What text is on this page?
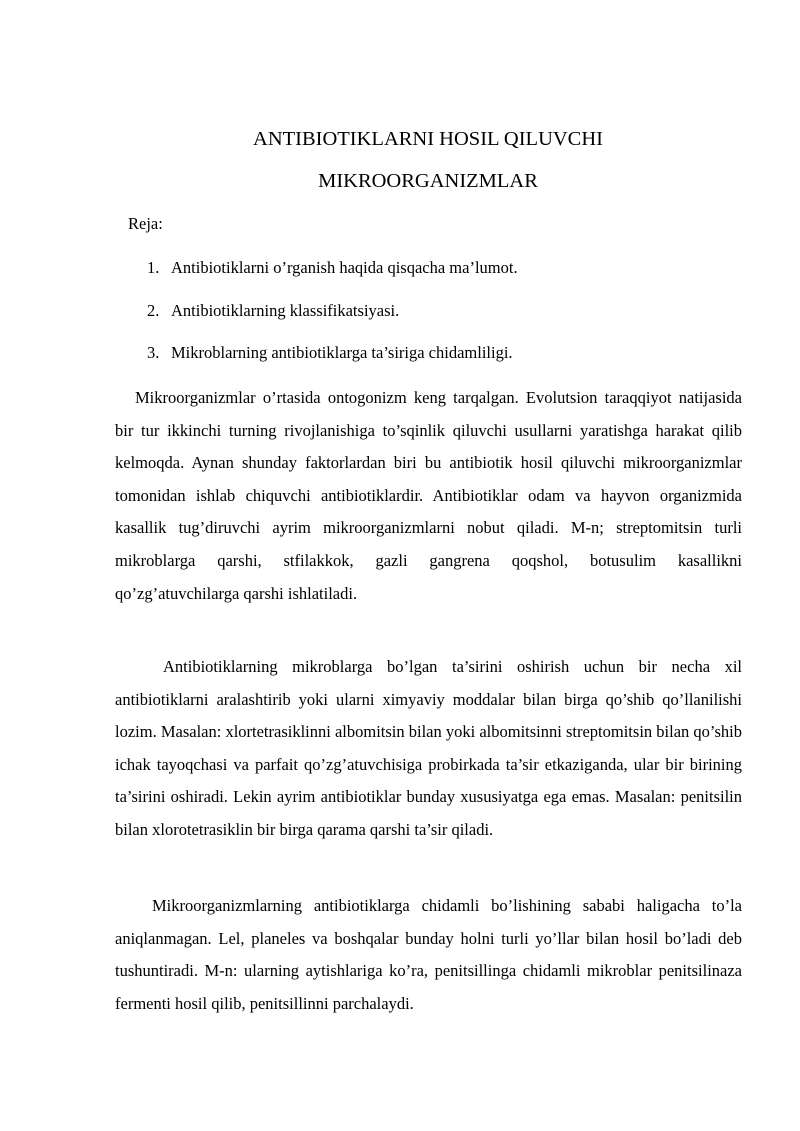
ANTIBIOTIKLARNI HOSIL QILUVCHI
MIKROORGANIZMLAR

Reja:

1. Antibiotiklarni o’rganish haqida qisqacha ma’lumot.
2. Antibiotiklarning klassifikatsiyasi.
3. Mikroblarning antibiotiklarga ta’siriga chidamliligi.

Mikroorganizmlar o’rtasida ontogonizm keng tarqalgan. Evolutsion taraqqiyot natijasida bir tur ikkinchi turning rivojlanishiga to’sqinlik qiluvchi usullarni yaratishga harakat qilib kelmoqda. Aynan shunday faktorlardan biri bu antibiotik hosil qiluvchi mikroorganizmlar tomonidan ishlab chiquvchi antibiotiklardir. Antibiotiklar odam va hayvon organizmida kasallik tug’diruvchi ayrim mikroorganizmlarni nobut qiladi. M-n; streptomitsin turli mikroblarga qarshi, stfilakkok, gazli gangrena qoqshol, botusulim kasallikni qo’zg’atuvchilarga qarshi ishlatiladi.

Antibiotiklarning mikroblarga bo’lgan ta’sirini oshirish uchun bir necha xil antibiotiklarni aralashtirib yoki ularni ximyaviy moddalar bilan birga qo’shib qo’llanilishi lozim. Masalan: xlortetrasiklinni albomitsin bilan yoki albomitsinni streptomitsin bilan qo’shib ichak tayoqchasi va parfait qo’zg’atuvchisiga probirkada ta’sir etkaziganda, ular bir birining ta’sirini oshiradi. Lekin ayrim antibiotiklar bunday xususiyatga ega emas. Masalan: penitsilin bilan xlorotetrasiklin bir birga qarama qarshi ta’sir qiladi.

Mikroorganizmlarning antibiotiklarga chidamli bo’lishining sababi haligacha to’la aniqlanmagan. Lel, planeles va boshqalar bunday holni turli yo’llar bilan hosil bo’ladi deb tushuntiradi. M-n: ularning aytishlariga ko’ra, penitsillinga chidamli mikroblar penitsilinaza fermenti hosil qilib, penitsillinni parchalaydi.
